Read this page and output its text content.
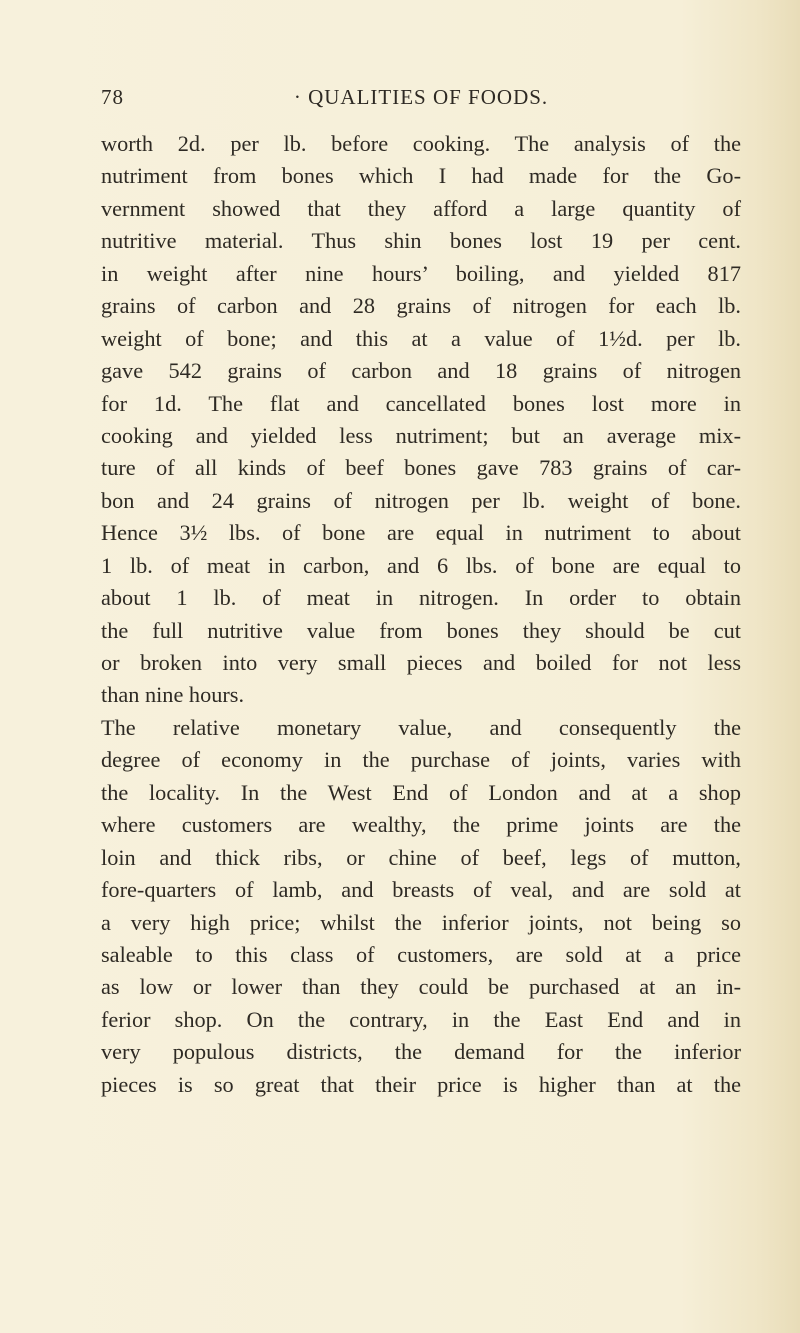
78	· QUALITIES OF FOODS.
worth 2d. per lb. before cooking. The analysis of the
nutriment from bones which I had made for the Go-
vernment showed that they afford a large quantity of
nutritive material. Thus shin bones lost 19 per cent.
in weight after nine hours’ boiling, and yielded 817
grains of carbon and 28 grains of nitrogen for each lb.
weight of bone; and this at a value of 1½d. per lb.
gave 542 grains of carbon and 18 grains of nitrogen
for 1d. The flat and cancellated bones lost more in
cooking and yielded less nutriment; but an average mix-
ture of all kinds of beef bones gave 783 grains of car-
bon and 24 grains of nitrogen per lb. weight of bone.
Hence 3½ lbs. of bone are equal in nutriment to about
1 lb. of meat in carbon, and 6 lbs. of bone are equal to
about 1 lb. of meat in nitrogen. In order to obtain
the full nutritive value from bones they should be cut
or broken into very small pieces and boiled for not less
than nine hours.
The relative monetary value, and consequently the
degree of economy in the purchase of joints, varies with
the locality. In the West End of London and at a shop
where customers are wealthy, the prime joints are the
loin and thick ribs, or chine of beef, legs of mutton,
fore-quarters of lamb, and breasts of veal, and are sold at
a very high price; whilst the inferior joints, not being so
saleable to this class of customers, are sold at a price
as low or lower than they could be purchased at an in-
ferior shop. On the contrary, in the East End and in
very populous districts, the demand for the inferior
pieces is so great that their price is higher than at the
